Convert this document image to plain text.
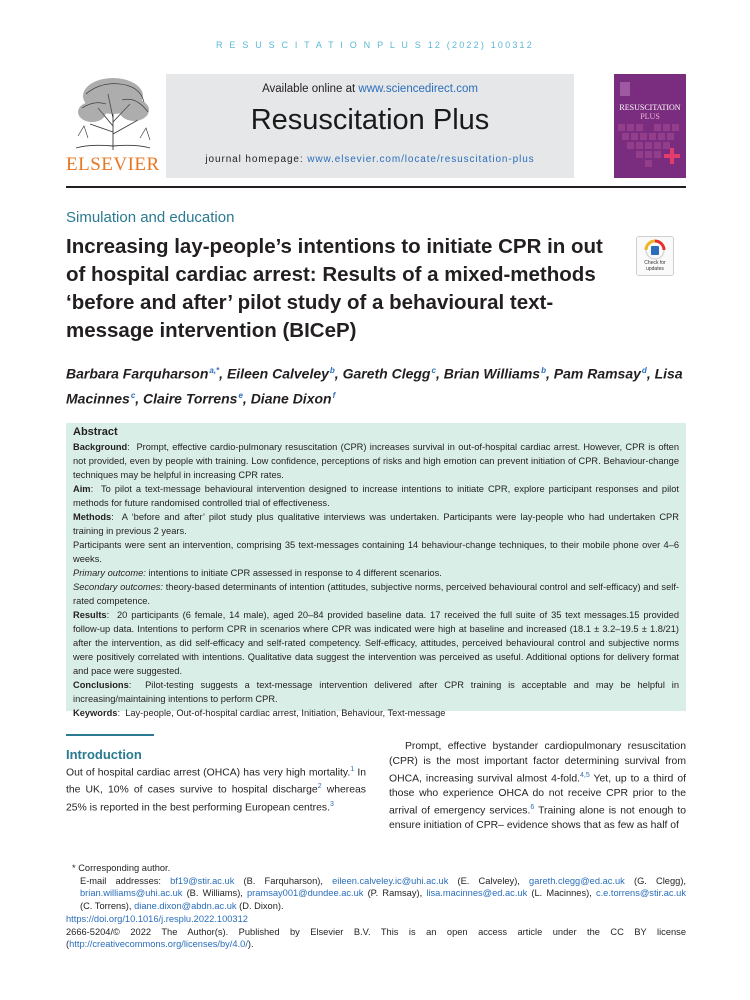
R E S U S C I T A T I O N P L U S 12 (2022) 100312
ELSEVIER
Available online at www.sciencedirect.com
Resuscitation Plus
journal homepage: www.elsevier.com/locate/resuscitation-plus
RESUSCITATION
PLUS
Simulation and education
Increasing lay-people’s intentions to initiate CPR in out of hospital cardiac arrest: Results of a mixed-methods ‘before and after’ pilot study of a behavioural text-message intervention (BICeP)
Check for
updates
Barbara Farquharson$^{a,*}$, Eileen Calveley$^b$, Gareth Clegg$^c$, Brian Williams$^b$, Pam Ramsay$^d$, Lisa Macinnes$^c$, Claire Torrens$^e$, Diane Dixon$^f$

Abstract

Background:  Prompt, effective cardio-pulmonary resuscitation (CPR) increases survival in out-of-hospital cardiac arrest. However, CPR is often not provided, even by people with training. Low confidence, perceptions of risks and high emotion can prevent initiation of CPR. Behaviour-change techniques may be helpful in increasing CPR rates.

Aim:  To pilot a text-message behavioural intervention designed to increase intentions to initiate CPR, explore participant responses and pilot methods for future randomised controlled trial of effectiveness.

Methods:  A ‘before and after’ pilot study plus qualitative interviews was undertaken. Participants were lay-people who had undertaken CPR training in previous 2 years.

Participants were sent an intervention, comprising 35 text-messages containing 14 behaviour-change techniques, to their mobile phone over 4–6 weeks.

Primary outcome: intentions to initiate CPR assessed in response to 4 different scenarios.

Secondary outcomes: theory-based determinants of intention (attitudes, subjective norms, perceived behavioural control and self-efficacy) and self-rated competence.

Results:  20 participants (6 female, 14 male), aged 20–84 provided baseline data. 17 received the full suite of 35 text messages.15 provided follow-up data. Intentions to perform CPR in scenarios where CPR was indicated were high at baseline and increased (18.1 ± 3.2–19.5 ± 1.8/21) after the intervention, as did self-efficacy and self-rated competency. Self-efficacy, attitudes, perceived behavioural control and subjective norms were positively correlated with intentions. Qualitative data suggest the intervention was perceived as useful. Additional options for delivery format and pace were suggested.

Conclusions:  Pilot-testing suggests a text-message intervention delivered after CPR training is acceptable and may be helpful in increasing/maintaining intentions to perform CPR.

Keywords:  Lay-people, Out-of-hospital cardiac arrest, Initiation, Behaviour, Text-message

Introduction

Out of hospital cardiac arrest (OHCA) has very high mortality.$^1$ In the UK, 10% of cases survive to hospital discharge$^2$ whereas 25% is reported in the best performing European centres.$^3$

Prompt, effective bystander cardiopulmonary resuscitation (CPR) is the most important factor determining survival from OHCA, increasing survival almost 4-fold.$^{4,5}$ Yet, up to a third of those who experience OHCA do not receive CPR prior to the arrival of emergency services.$^6$ Training alone is not enough to ensure initiation of CPR– evidence shows that as few as half of

* Corresponding author.

E-mail addresses: bf19@stir.ac.uk (B. Farquharson), eileen.calveley.ic@uhi.ac.uk (E. Calveley), gareth.clegg@ed.ac.uk (G. Clegg), brian.williams@uhi.ac.uk (B. Williams), pramsay001@dundee.ac.uk (P. Ramsay), lisa.macinnes@ed.ac.uk (L. Macinnes), c.e.torrens@stir.ac.uk (C. Torrens), diane.dixon@abdn.ac.uk (D. Dixon).

https://doi.org/10.1016/j.resplu.2022.100312

2666-5204/© 2022 The Author(s). Published by Elsevier B.V. This is an open access article under the CC BY license (http://creativecommons.org/licenses/by/4.0/).
